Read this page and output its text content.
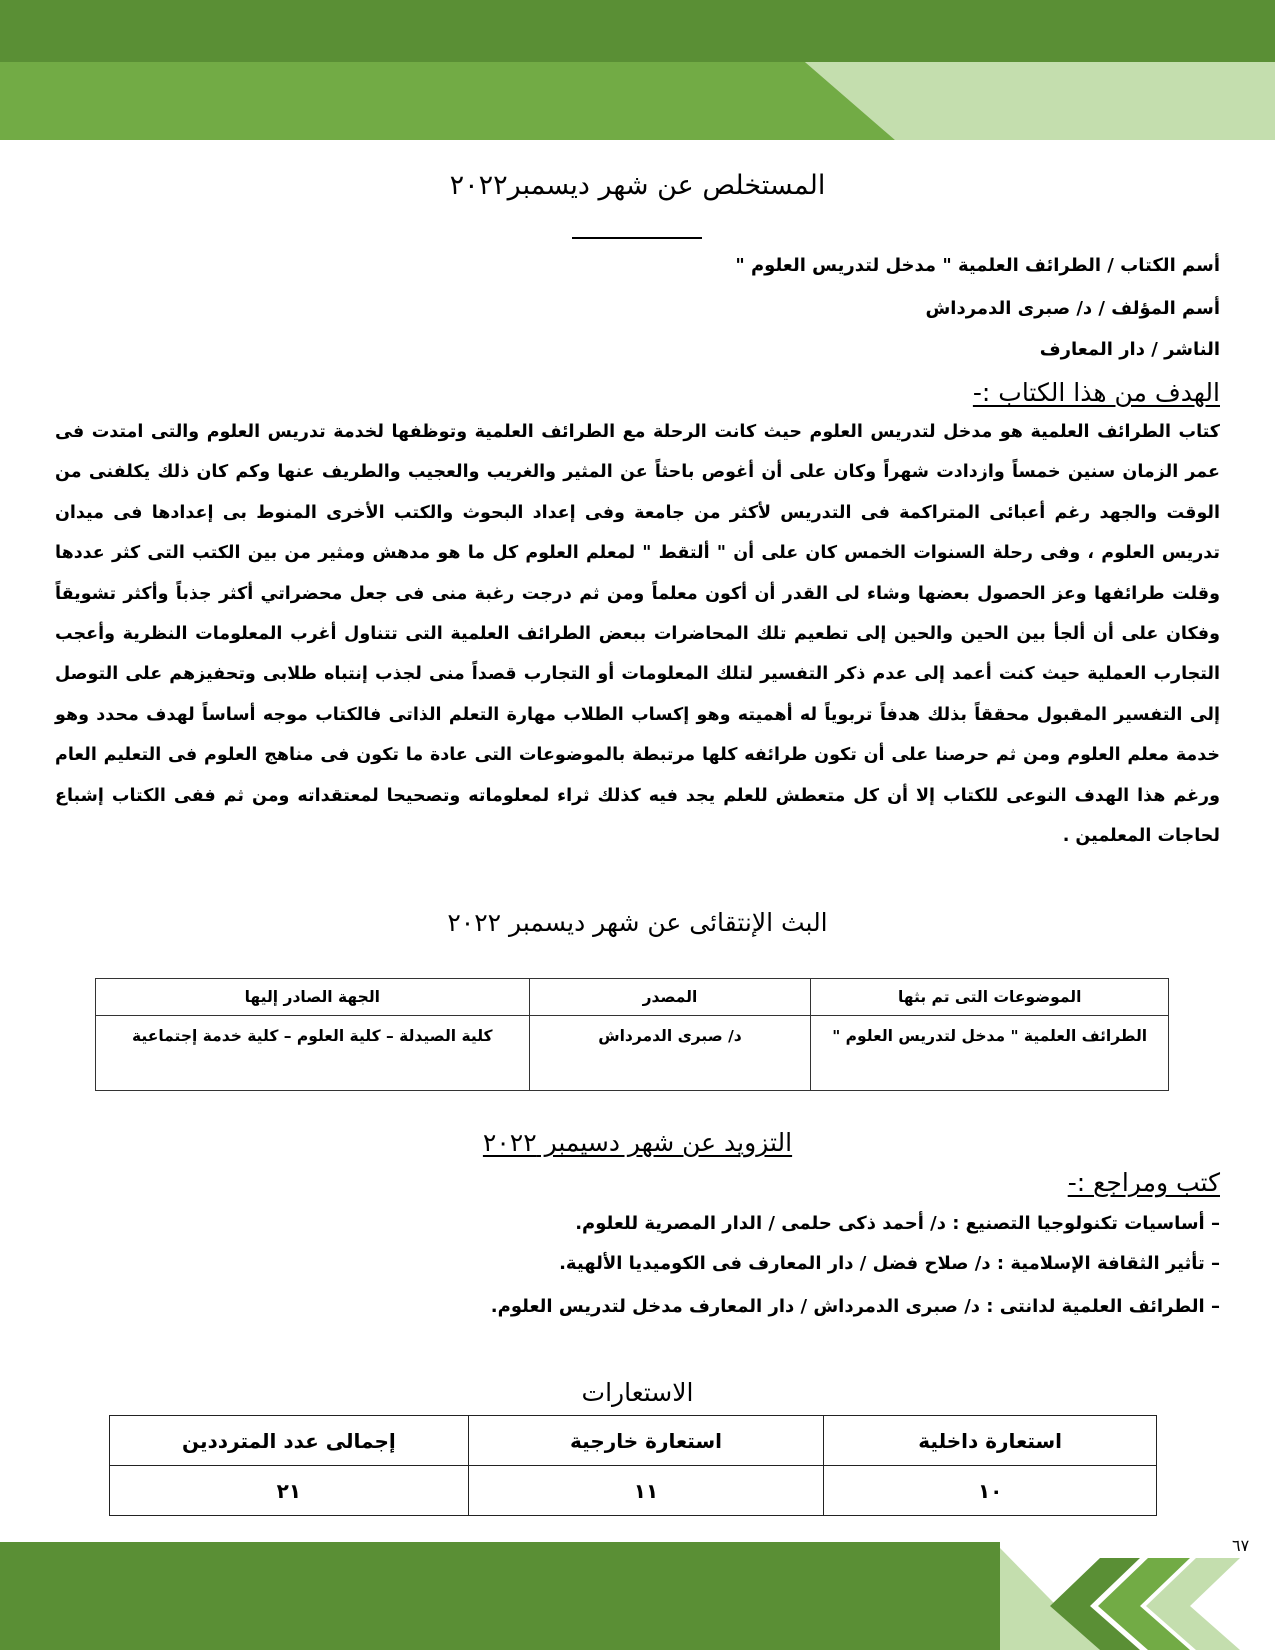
المستخلص عن شهر ديسمبر٢٠٢٢
أسم الكتاب / الطرائف العلمية " مدخل لتدريس العلوم "
أسم المؤلف / د/ صبرى الدمرداش
الناشر / دار المعارف
الهدف من هذا الكتاب :-
كتاب الطرائف العلمية هو مدخل لتدريس العلوم حيث كانت الرحلة مع الطرائف العلمية وتوظفها لخدمة تدريس العلوم والتى امتدت فى عمر الزمان سنين خمساً وازدادت شهراً وكان على أن أغوص باحثاً عن المثير والغريب والعجيب والطريف عنها وكم كان ذلك يكلفنى من الوقت والجهد رغم أعبائى المتراكمة فى التدريس لأكثر من جامعة وفى إعداد البحوث والكتب الأخرى المنوط بى إعدادها فى ميدان تدريس العلوم ، وفى رحلة السنوات الخمس كان على أن " ألتقط " لمعلم العلوم كل ما هو مدهش ومثير من بين الكتب التى كثر عددها وقلت طرائفها وعز الحصول بعضها وشاء لى القدر أن أكون معلماً ومن ثم درجت رغبة منى فى جعل محضراتي أكثر جذباً وأكثر تشويقاً وفكان على أن ألجأ بين الحين والحين إلى تطعيم تلك المحاضرات ببعض الطرائف العلمية التى تتناول أغرب المعلومات النظرية وأعجب التجارب العملية حيث كنت أعمد إلى عدم ذكر التفسير لتلك المعلومات أو التجارب قصداً منى لجذب إنتباه طلابى وتحفيزهم على التوصل إلى التفسير المقبول محققاً بذلك هدفاً تربوياً له أهميته وهو إكساب الطلاب مهارة التعلم الذاتى فالكتاب موجه أساساً لهدف محدد وهو خدمة معلم العلوم ومن ثم حرصنا على أن تكون طرائفه كلها مرتبطة بالموضوعات التى عادة ما تكون فى مناهج العلوم فى التعليم العام ورغم هذا الهدف النوعى للكتاب إلا أن كل متعطش للعلم يجد فيه كذلك ثراء لمعلوماته وتصحيحا لمعتقداته ومن ثم ففى الكتاب إشباع لحاجات المعلمين .
البث الإنتقائى عن شهر ديسمبر ٢٠٢٢
الموضوعات التى تم بثها	المصدر	الجهة الصادر إليها
الطرائف العلمية " مدخل لتدريس العلوم "	د/ صبرى الدمرداش	كلية الصيدلة – كلية العلوم – كلية خدمة إجتماعية
التزويد عن شهر دسيمبر ٢٠٢٢
كتب ومراجع :-
– أساسيات تكنولوجيا التصنيع : د/ أحمد ذكى حلمى / الدار المصرية للعلوم.
– تأثير الثقافة الإسلامية : د/ صلاح فضل / دار المعارف فى الكوميديا الألهية.
– الطرائف العلمية لدانتى : د/ صبرى الدمرداش / دار المعارف مدخل لتدريس العلوم.
الاستعارات
استعارة داخلية	استعارة خارجية	إجمالى عدد المترددين
١٠	١١	٢١
٦٧
